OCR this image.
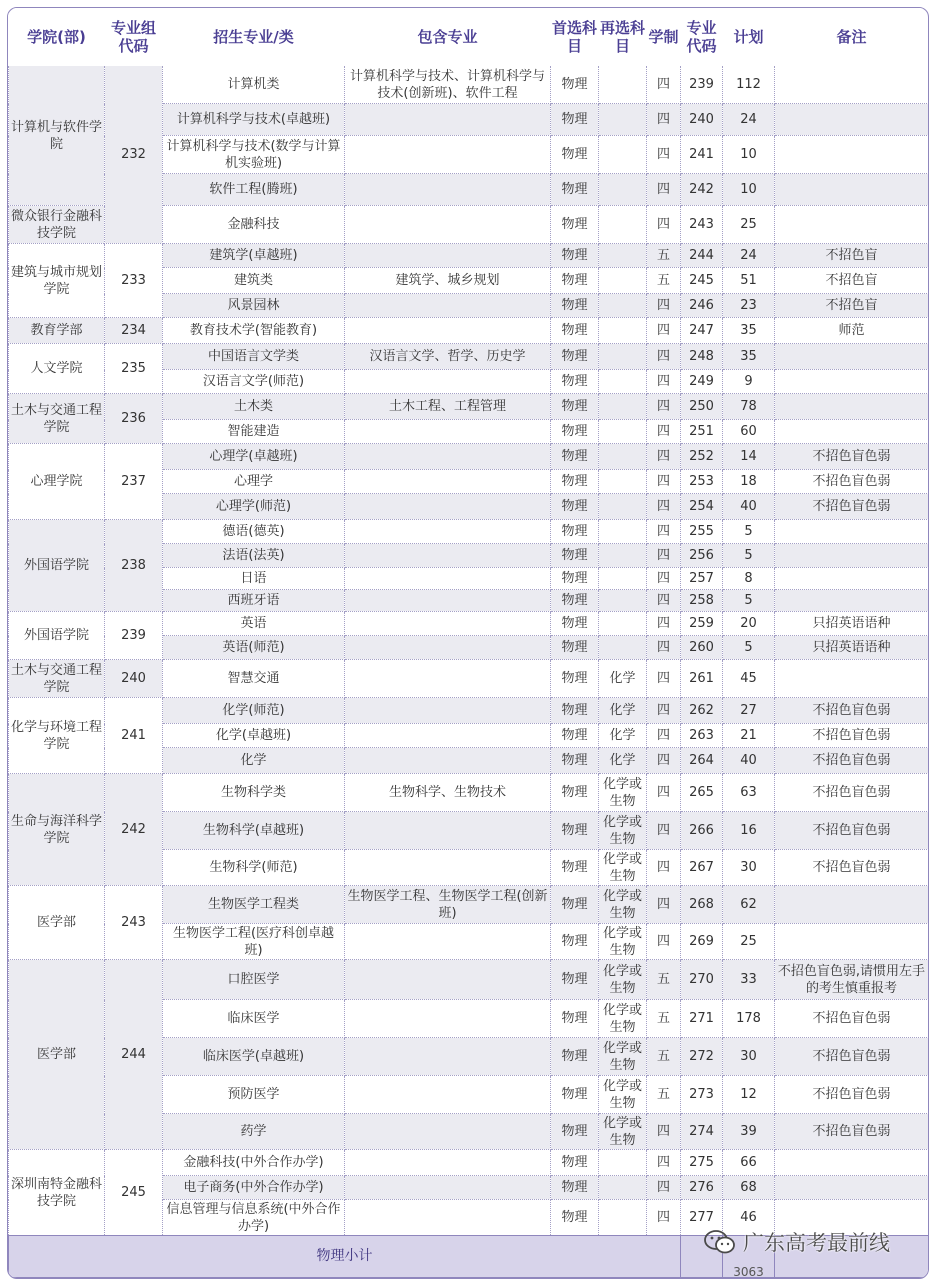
学院(部)	专业组代码	招生专业/类	包含专业	首选科目	再选科目	学制	专业代码	计划	备注
计算机与软件学院	232	计算机类	计算机科学与技术、计算机科学与技术(创新班)、软件工程	物理		四	239	112	
		计算机科学与技术(卓越班)		物理		四	240	24	
		计算机科学与技术(数学与计算机实验班)		物理		四	241	10	
		软件工程(腾班)		物理		四	242	10	
微众银行金融科技学院		金融科技		物理		四	243	25	
建筑与城市规划学院	233	建筑学(卓越班)		物理		五	244	24	不招色盲
		建筑类	建筑学、城乡规划	物理		五	245	51	不招色盲
		风景园林		物理		四	246	23	不招色盲
教育学部	234	教育技术学(智能教育)		物理		四	247	35	师范
人文学院	235	中国语言文学类	汉语言文学、哲学、历史学	物理		四	248	35	
		汉语言文学(师范)		物理		四	249	9	
土木与交通工程学院	236	土木类	土木工程、工程管理	物理		四	250	78	
		智能建造		物理		四	251	60	
心理学院	237	心理学(卓越班)		物理		四	252	14	不招色盲色弱
		心理学		物理		四	253	18	不招色盲色弱
		心理学(师范)		物理		四	254	40	不招色盲色弱
外国语学院	238	德语(德英)		物理		四	255	5	
		法语(法英)		物理		四	256	5	
		日语		物理		四	257	8	
		西班牙语		物理		四	258	5	
外国语学院	239	英语		物理		四	259	20	只招英语语种
		英语(师范)		物理		四	260	5	只招英语语种
土木与交通工程学院	240	智慧交通		物理	化学	四	261	45	
化学与环境工程学院	241	化学(师范)		物理	化学	四	262	27	不招色盲色弱
		化学(卓越班)		物理	化学	四	263	21	不招色盲色弱
		化学		物理	化学	四	264	40	不招色盲色弱
生命与海洋科学学院	242	生物科学类	生物科学、生物技术	物理	化学或生物	四	265	63	不招色盲色弱
		生物科学(卓越班)		物理	化学或生物	四	266	16	不招色盲色弱
		生物科学(师范)		物理	化学或生物	四	267	30	不招色盲色弱
医学部	243	生物医学工程类	生物医学工程、生物医学工程(创新班)	物理	化学或生物	四	268	62	
		生物医学工程(医疗科创卓越班)		物理	化学或生物	四	269	25	
医学部	244	口腔医学		物理	化学或生物	五	270	33	不招色盲色弱,请惯用左手的考生慎重报考
		临床医学		物理	化学或生物	五	271	178	不招色盲色弱
		临床医学(卓越班)		物理	化学或生物	五	272	30	不招色盲色弱
		预防医学		物理	化学或生物	五	273	12	不招色盲色弱
		药学		物理	化学或生物	四	274	39	不招色盲色弱
深圳南特金融科技学院	245	金融科技(中外合作办学)		物理		四	275	66	
		电子商务(中外合作办学)		物理		四	276	68	
		信息管理与信息系统(中外合作办学)		物理		四	277	46	
物理小计								3063	

广东高考最前线
